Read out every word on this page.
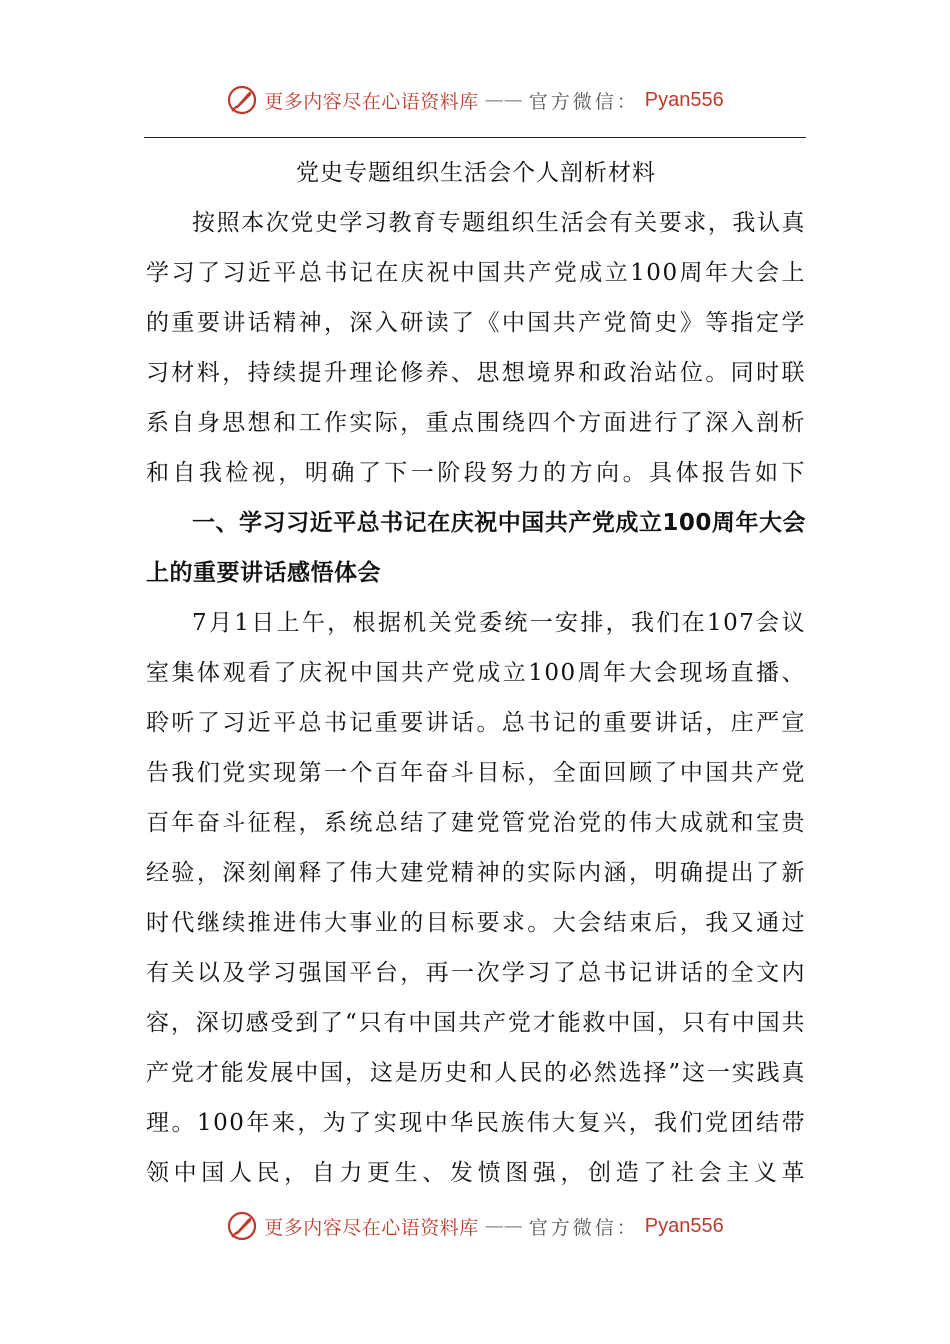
更多内容尽在心语资料库 —— 官方微信： Pyan556
党史专题组织生活会个人剖析材料

按照本次党史学习教育专题组织生活会有关要求，我认真学习了习近平总书记在庆祝中国共产党成立100周年大会上的重要讲话精神，深入研读了《中国共产党简史》等指定学习材料，持续提升理论修养、思想境界和政治站位。同时联系自身思想和工作实际，重点围绕四个方面进行了深入剖析和自我检视，明确了下一阶段努力的方向。具体报告如下

一、学习习近平总书记在庆祝中国共产党成立100周年大会上的重要讲话感悟体会

7月1日上午，根据机关党委统一安排，我们在107会议室集体观看了庆祝中国共产党成立100周年大会现场直播、聆听了习近平总书记重要讲话。总书记的重要讲话，庄严宣告我们党实现第一个百年奋斗目标，全面回顾了中国共产党百年奋斗征程，系统总结了建党管党治党的伟大成就和宝贵经验，深刻阐释了伟大建党精神的实际内涵，明确提出了新时代继续推进伟大事业的目标要求。大会结束后，我又通过有关以及学习强国平台，再一次学习了总书记讲话的全文内容，深切感受到了“只有中国共产党才能救中国，只有中国共产党才能发展中国，这是历史和人民的必然选择”这一实践真理。100年来，为了实现中华民族伟大复兴，我们党团结带领中国人民，自力更生、发愤图强，创造了社会主义革

更多内容尽在心语资料库 —— 官方微信： Pyan556
